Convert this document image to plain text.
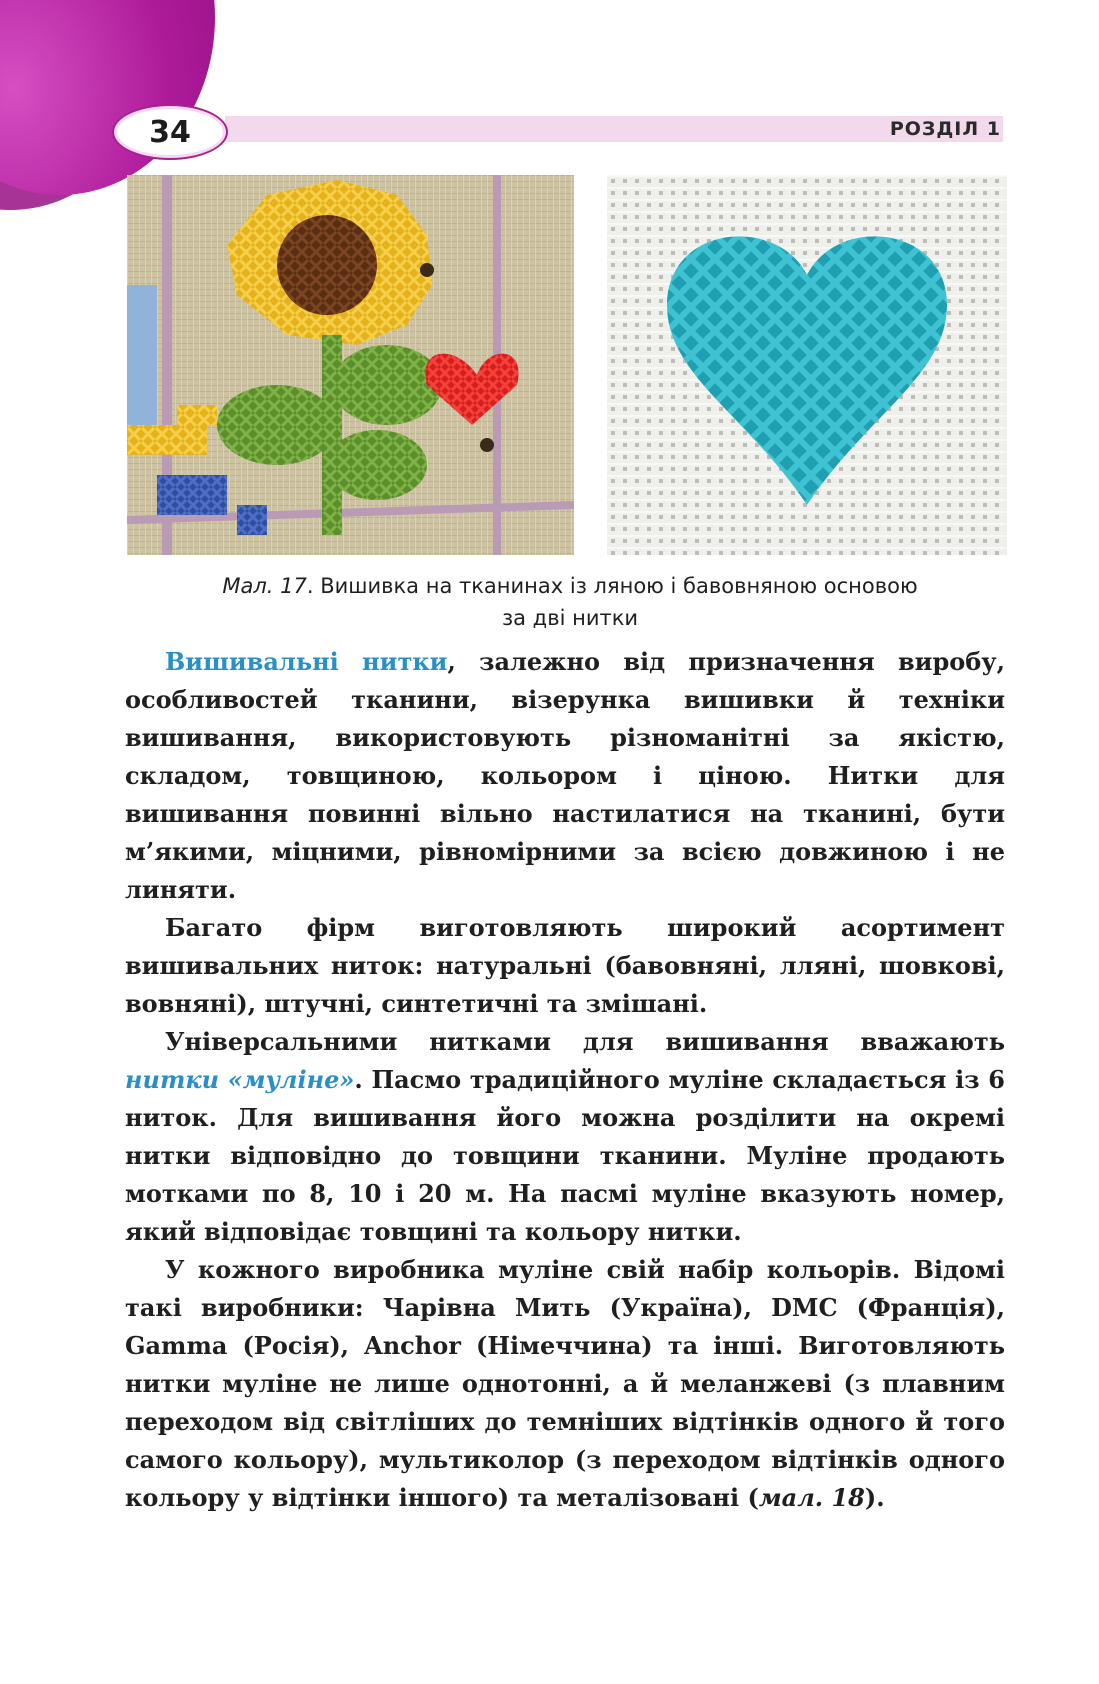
34	РОЗДІЛ 1
Мал. 17. Вишивка на тканинах із ляною і бавовняною основою
за дві нитки

Вишивальні нитки, залежно від призначення виробу, особливостей тканини, візерунка вишивки й техніки вишивання, використовують різноманітні за якістю, складом, товщиною, кольором і ціною. Нитки для вишивання повинні вільно настилатися на тканині, бути м’якими, міцними, рівномірними за всією довжиною і не линяти.

Багато фірм виготовляють широкий асортимент вишивальних ниток: натуральні (бавовняні, лляні, шовкові, вовняні), штучні, синтетичні та змішані.

Універсальними нитками для вишивання вважають нитки «муліне». Пасмо традиційного муліне складається із 6 ниток. Для вишивання його можна розділити на окремі нитки відповідно до товщини тканини. Муліне продають мотками по 8, 10 і 20 м. На пасмі муліне вказують номер, який відповідає товщині та кольору нитки.

У кожного виробника муліне свій набір кольорів. Відомі такі виробники: Чарівна Мить (Україна), DMC (Франція), Gamma (Росія), Anchor (Німеччина) та інші. Виготовляють нитки муліне не лише однотонні, а й меланжеві (з плавним переходом від світліших до темніших відтінків одного й того самого кольору), мультиколор (з переходом відтінків одного кольору у відтінки іншого) та металізовані (мал. 18).
